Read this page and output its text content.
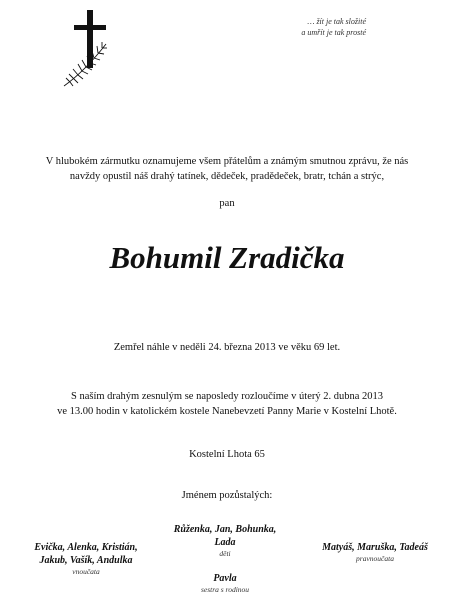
… žít je tak složité
a umřít je tak prosté
V hlubokém zármutku oznamujeme všem přátelům a známým smutnou zprávu, že nás
navždy opustil náš drahý tatínek, dědeček, pradědeček, bratr, tchán a strýc,
pan
Bohumil Zradička
Zemřel náhle v neděli 24. března 2013 ve věku 69 let.
S naším drahým zesnulým se naposledy rozloučíme v úterý 2. dubna 2013
ve 13.00 hodin v katolickém kostele Nanebevzetí Panny Marie v Kostelní Lhotě.
Kostelní Lhota 65
Jménem pozůstalých:
Růženka, Jan, Bohunka,
Lada
děti
Evička, Alenka, Kristián,
Jakub, Vašík, Andulka
vnoučata
Matyáš, Maruška, Tadeáš
pravnoučata
Pavla
sestra s rodinou
